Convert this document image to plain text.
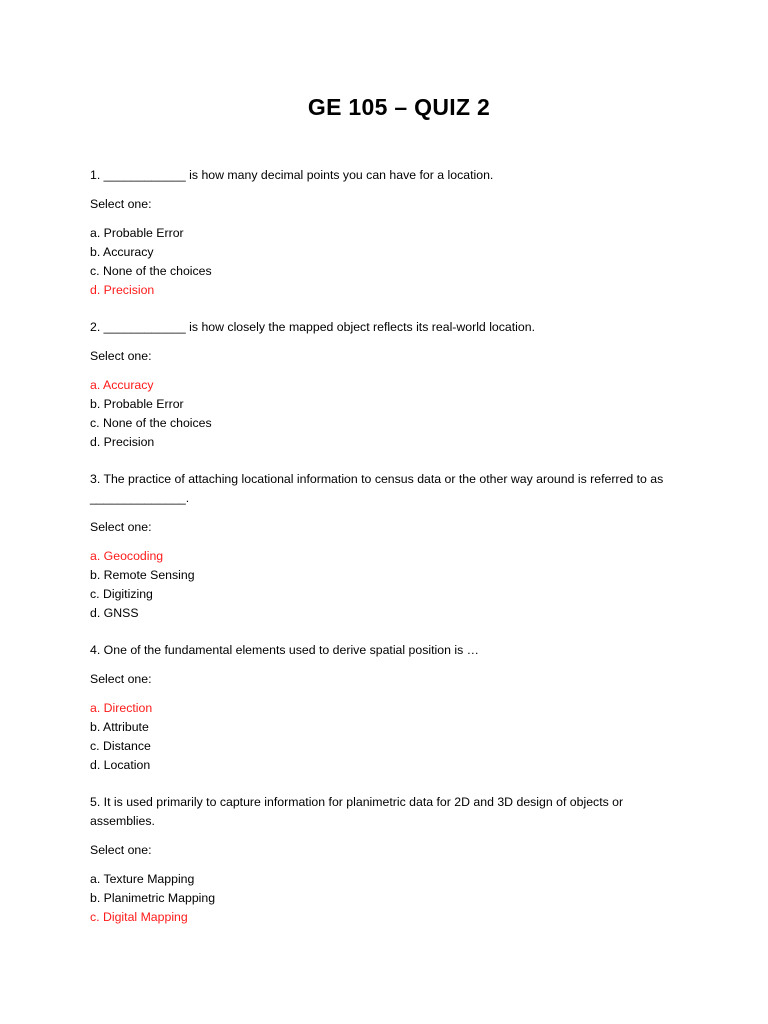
GE 105 – QUIZ 2
1. ____________ is how many decimal points you can have for a location.
Select one:
a. Probable Error
b. Accuracy
c. None of the choices
d. Precision
2. ____________ is how closely the mapped object reflects its real-world location.
Select one:
a. Accuracy
b. Probable Error
c. None of the choices
d. Precision
3. The practice of attaching locational information to census data or the other way around is referred to as ______________.
Select one:
a. Geocoding
b. Remote Sensing
c. Digitizing
d. GNSS
4. One of the fundamental elements used to derive spatial position is …
Select one:
a. Direction
b. Attribute
c. Distance
d. Location
5. It is used primarily to capture information for planimetric data for 2D and 3D design of objects or assemblies.
Select one:
a. Texture Mapping
b. Planimetric Mapping
c. Digital Mapping
